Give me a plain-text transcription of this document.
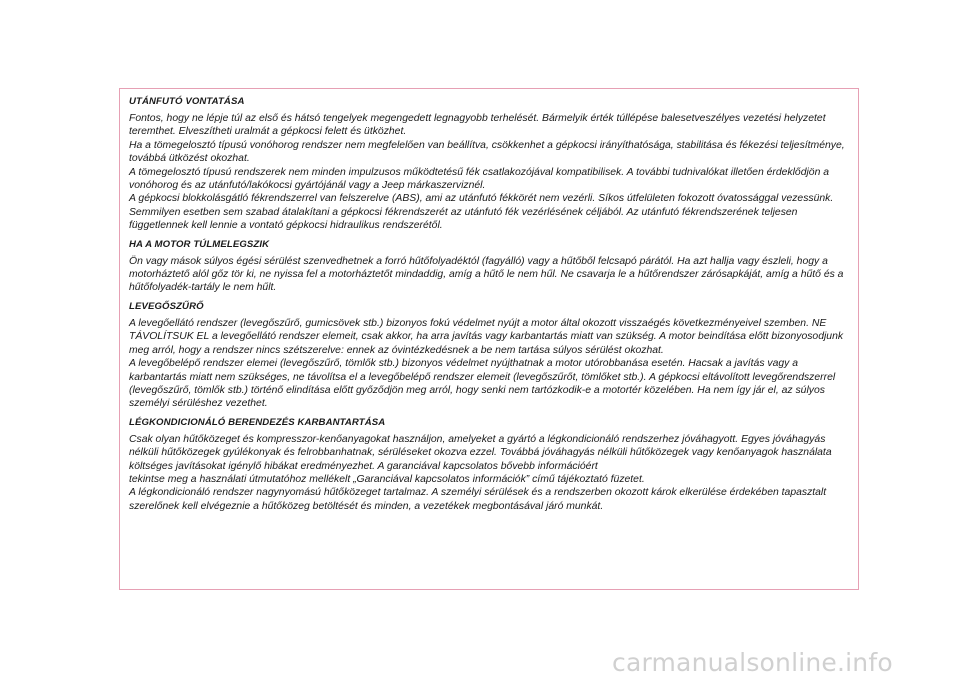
UTÁNFUTÓ VONTATÁSA

Fontos, hogy ne lépje túl az első és hátsó tengelyek megengedett legnagyobb terhelését. Bármelyik érték túllépése balesetveszélyes vezetési helyzetet teremthet. Elveszítheti uralmát a gépkocsi felett és ütközhet.

Ha a tömegelosztó típusú vonóhorog rendszer nem megfelelően van beállítva, csökkenhet a gépkocsi irányíthatósága, stabilitása és fékezési teljesítménye, továbbá ütközést okozhat.

A tömegelosztó típusú rendszerek nem minden impulzusos működtetésű fék csatlakozójával kompatibilisek. A további tudnivalókat illetően érdeklődjön a vonóhorog és az utánfutó/lakókocsi gyártójánál vagy a Jeep márkaszerviznél.

A gépkocsi blokkolásgátló fékrendszerrel van felszerelve (ABS), ami az utánfutó fékkörét nem vezérli. Síkos útfelületen fokozott óvatossággal vezessünk.

Semmilyen esetben sem szabad átalakítani a gépkocsi fékrendszerét az utánfutó fék vezérlésének céljából. Az utánfutó fékrendszerének teljesen függetlennek kell lennie a vontató gépkocsi hidraulikus rendszerétől.

HA A MOTOR TÚLMELEGSZIK

Ön vagy mások súlyos égési sérülést szenvedhetnek a forró hűtőfolyadéktól (fagyálló) vagy a hűtőből felcsapó párától. Ha azt hallja vagy észleli, hogy a motorháztető alól gőz tör ki, ne nyissa fel a motorháztetőt mindaddig, amíg a hűtő le nem hűl. Ne csavarja le a hűtőrendszer zárósapkáját, amíg a hűtő és a hűtőfolyadék-tartály le nem hűlt.

LEVEGŐSZŰRŐ

A levegőellátó rendszer (levegőszűrő, gumicsövek stb.) bizonyos fokú védelmet nyújt a motor által okozott visszaégés következményeivel szemben. NE TÁVOLÍTSUK EL a levegőellátó rendszer elemeit, csak akkor, ha arra javítás vagy karbantartás miatt van szükség. A motor beindítása előtt bizonyosodjunk meg arról, hogy a rendszer nincs szétszerelve: ennek az óvintézkedésnek a be nem tartása súlyos sérülést okozhat.

A levegőbelépő rendszer elemei (levegőszűrő, tömlők stb.) bizonyos védelmet nyújthatnak a motor utórobbanása esetén. Hacsak a javítás vagy a karbantartás miatt nem szükséges, ne távolítsa el a levegőbelépő rendszer elemeit (levegőszűrőt, tömlőket stb.). A gépkocsi eltávolított levegőrendszerrel (levegőszűrő, tömlők stb.) történő elindítása előtt győződjön meg arról, hogy senki nem tartózkodik-e a motortér közelében. Ha nem így jár el, az súlyos személyi sérüléshez vezethet.

LÉGKONDICIONÁLÓ BERENDEZÉS KARBANTARTÁSA

Csak olyan hűtőközeget és kompresszor-kenőanyagokat használjon, amelyeket a gyártó a légkondicionáló rendszerhez jóváhagyott. Egyes jóváhagyás nélküli hűtőközegek gyúlékonyak és felrobbanhatnak, sérüléseket okozva ezzel. Továbbá jóváhagyás nélküli hűtőközegek vagy kenőanyagok használata költséges javításokat igénylő hibákat eredményezhet. A garanciával kapcsolatos bővebb információért

tekintse meg a használati útmutatóhoz mellékelt „Garanciával kapcsolatos információk” című tájékoztató füzetet.

A légkondicionáló rendszer nagynyomású hűtőközeget tartalmaz. A személyi sérülések és a rendszerben okozott károk elkerülése érdekében tapasztalt szerelőnek kell elvégeznie a hűtőközeg betöltését és minden, a vezetékek megbontásával járó munkát.

carmanualsonline.info
